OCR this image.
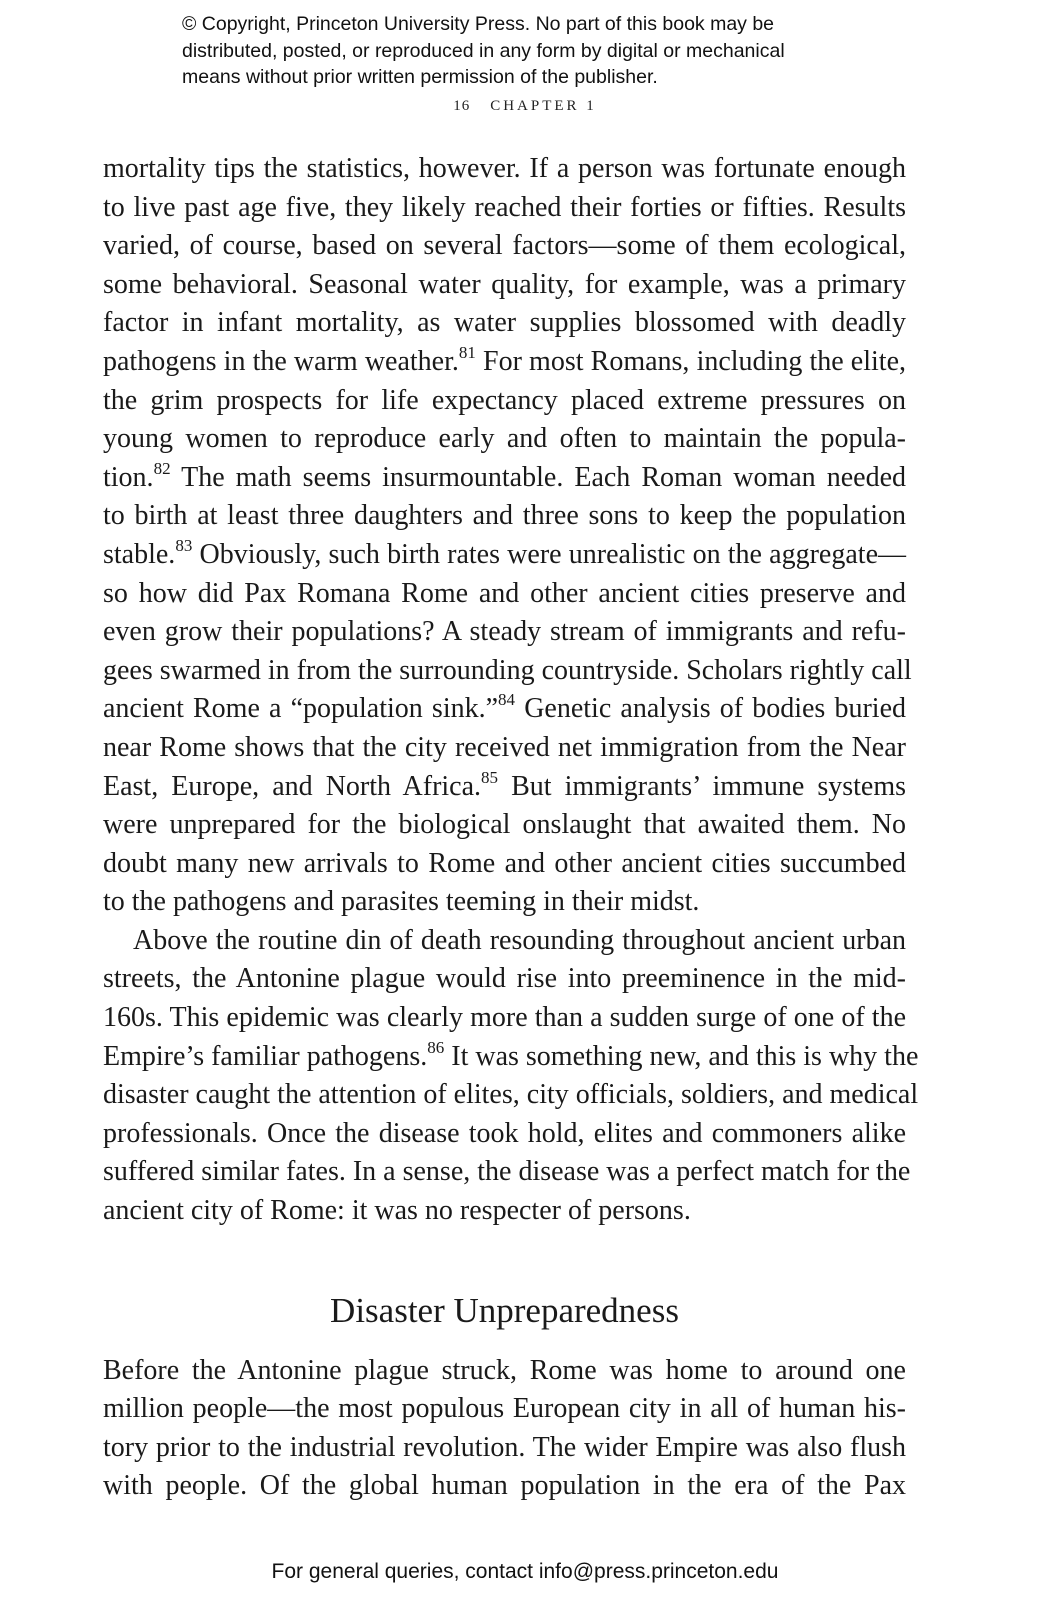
© Copyright, Princeton University Press. No part of this book may be
distributed, posted, or reproduced in any form by digital or mechanical
means without prior written permission of the publisher.
16 CHAPTER 1
mortality tips the statistics, however. If a person was fortunate enough
to live past age five, they likely reached their forties or fifties. Results
varied, of course, based on several factors—some of them ecological,
some behavioral. Seasonal water quality, for example, was a primary
factor in infant mortality, as water supplies blossomed with deadly
pathogens in the warm weather.$^{81}$ For most Romans, including the elite,
the grim prospects for life expectancy placed extreme pressures on
young women to reproduce early and often to maintain the popula-
tion.$^{82}$ The math seems insurmountable. Each Roman woman needed
to birth at least three daughters and three sons to keep the population
stable.$^{83}$ Obviously, such birth rates were unrealistic on the aggregate—
so how did Pax Romana Rome and other ancient cities preserve and
even grow their populations? A steady stream of immigrants and refu-
gees swarmed in from the surrounding countryside. Scholars rightly call
ancient Rome a “population sink.”$^{84}$ Genetic analysis of bodies buried
near Rome shows that the city received net immigration from the Near
East, Europe, and North Africa.$^{85}$ But immigrants’ immune systems
were unprepared for the biological onslaught that awaited them. No
doubt many new arrivals to Rome and other ancient cities succumbed
to the pathogens and parasites teeming in their midst.
Above the routine din of death resounding throughout ancient urban
streets, the Antonine plague would rise into preeminence in the mid-
160s. This epidemic was clearly more than a sudden surge of one of the
Empire’s familiar pathogens.$^{86}$ It was something new, and this is why the
disaster caught the attention of elites, city officials, soldiers, and medical
professionals. Once the disease took hold, elites and commoners alike
suffered similar fates. In a sense, the disease was a perfect match for the
ancient city of Rome: it was no respecter of persons.
Disaster Unpreparedness
Before the Antonine plague struck, Rome was home to around one
million people—the most populous European city in all of human his-
tory prior to the industrial revolution. The wider Empire was also flush
with people. Of the global human population in the era of the Pax
For general queries, contact info@press.princeton.edu
